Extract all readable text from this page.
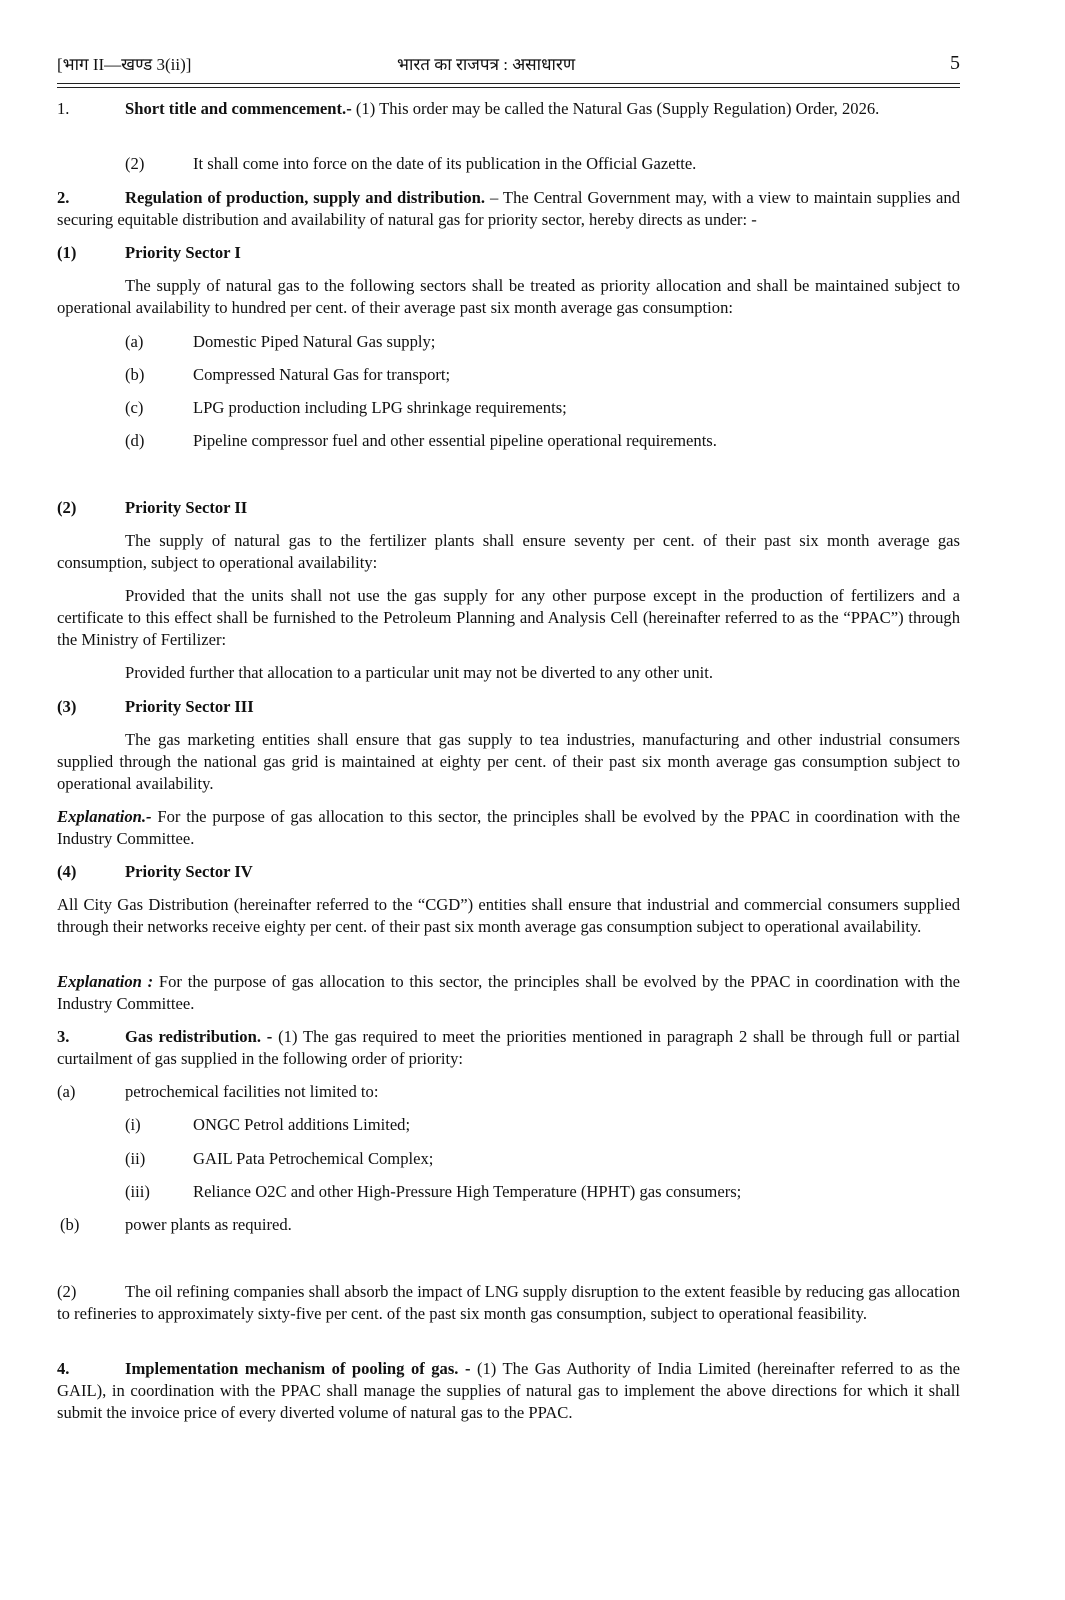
[भाग II—खण्ड 3(ii)]	भारत का राजपत्र : असाधारण	5
1.	Short title and commencement.- (1) This order may be called the Natural Gas (Supply Regulation) Order, 2026.
(2)	It shall come into force on the date of its publication in the Official Gazette.
2.	Regulation of production, supply and distribution. – The Central Government may, with a view to maintain supplies and securing equitable distribution and availability of natural gas for priority sector, hereby directs as under: -
(1)	Priority Sector I
The supply of natural gas to the following sectors shall be treated as priority allocation and shall be maintained subject to operational availability to hundred per cent. of their average past six month average gas consumption:
(a)	Domestic Piped Natural Gas supply;
(b)	Compressed Natural Gas for transport;
(c)	LPG production including LPG shrinkage requirements;
(d)	Pipeline compressor fuel and other essential pipeline operational requirements.
(2)	Priority Sector II
The supply of natural gas to the fertilizer plants shall ensure seventy per cent. of their past six month average gas consumption, subject to operational availability:
Provided that the units shall not use the gas supply for any other purpose except in the production of fertilizers and a certificate to this effect shall be furnished to the Petroleum Planning and Analysis Cell (hereinafter referred to as the “PPAC”) through the Ministry of Fertilizer:
Provided further that allocation to a particular unit may not be diverted to any other unit.
(3)	Priority Sector III
The gas marketing entities shall ensure that gas supply to tea industries, manufacturing and other industrial consumers supplied through the national gas grid is maintained at eighty per cent. of their past six month average gas consumption subject to operational availability.
Explanation.- For the purpose of gas allocation to this sector, the principles shall be evolved by the PPAC in coordination with the Industry Committee.
(4)	Priority Sector IV
All City Gas Distribution (hereinafter referred to the “CGD”) entities shall ensure that industrial and commercial consumers supplied through their networks receive eighty per cent. of their past six month average gas consumption subject to operational availability.
Explanation : For the purpose of gas allocation to this sector, the principles shall be evolved by the PPAC in coordination with the Industry Committee.
3.	Gas redistribution. - (1) The gas required to meet the priorities mentioned in paragraph 2 shall be through full or partial curtailment of gas supplied in the following order of priority:
(a)	petrochemical facilities not limited to:
(i)	ONGC Petrol additions Limited;
(ii)	GAIL Pata Petrochemical Complex;
(iii)	Reliance O2C and other High-Pressure High Temperature (HPHT) gas consumers;
(b)	power plants as required.
(2)	The oil refining companies shall absorb the impact of LNG supply disruption to the extent feasible by reducing gas allocation to refineries to approximately sixty-five per cent. of the past six month gas consumption, subject to operational feasibility.
4.	Implementation mechanism of pooling of gas. - (1) The Gas Authority of India Limited (hereinafter referred to as the GAIL), in coordination with the PPAC shall manage the supplies of natural gas to implement the above directions for which it shall submit the invoice price of every diverted volume of natural gas to the PPAC.
